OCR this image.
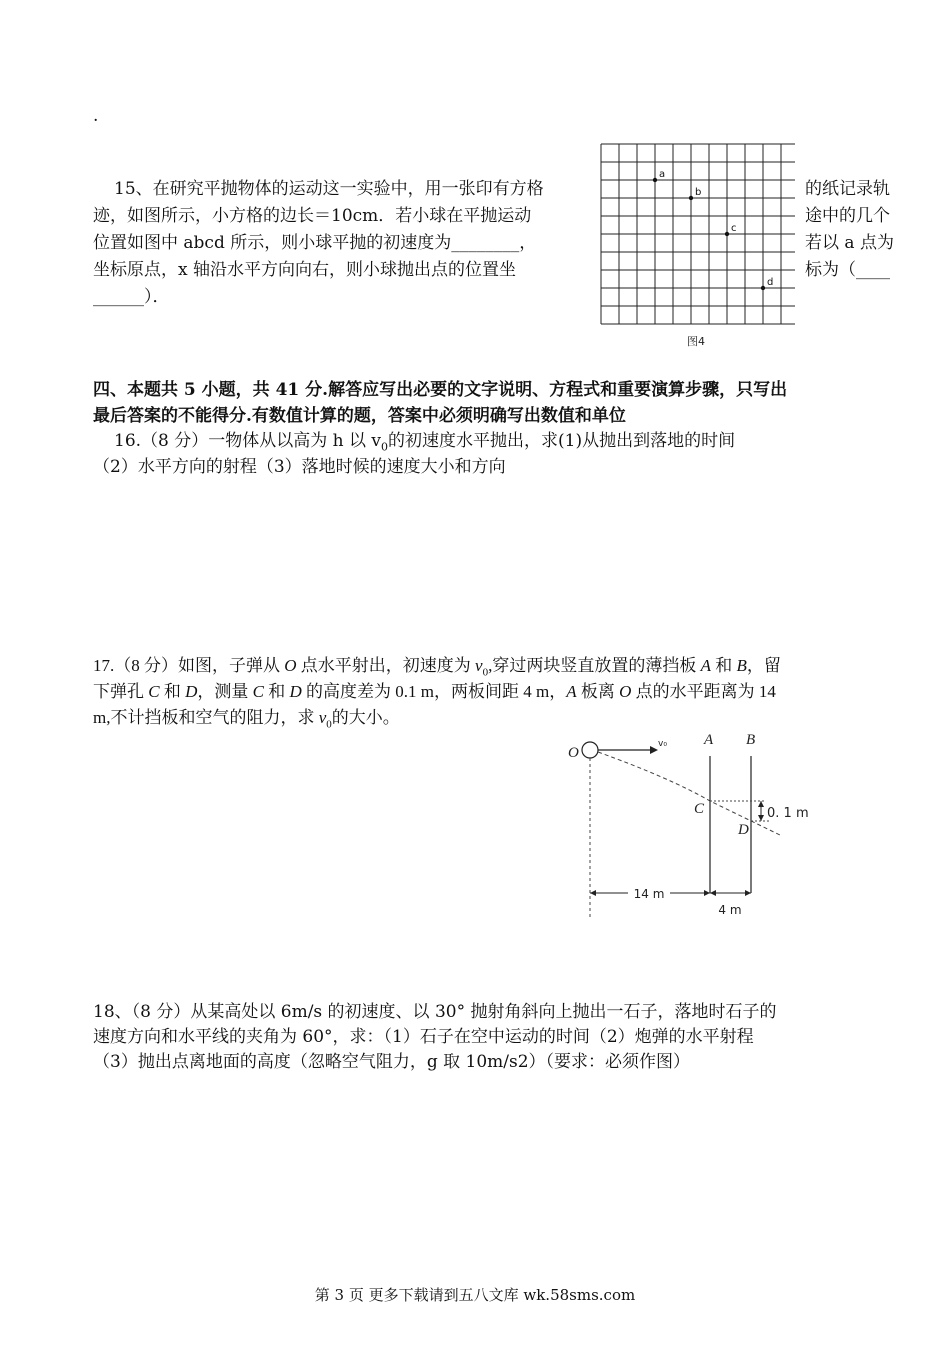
.
15、在研究平抛物体的运动这一实验中，用一张印有方格
迹，如图所示，小方格的边长＝10cm．若小球在平抛运动
位置如图中 abcd 所示，则小球平抛的初速度为________，
坐标原点，x 轴沿水平方向向右，则小球抛出点的位置坐
______）．
的纸记录轨
途中的几个
若以 a 点为
标为（____
a
b
c
d
图4
四、本题共 5 小题，共 41 分.解答应写出必要的文字说明、方程式和重要演算步骤，只写出
最后答案的不能得分.有数值计算的题，答案中必须明确写出数值和单位
16.（8 分）一物体从以高为 h 以 $v_0$的初速度水平抛出，求(1)从抛出到落地的时间
（2）水平方向的射程（3）落地时候的速度大小和方向
17.（8 分）如图，子弹从 O 点水平射出，初速度为 $v_0$,穿过两块竖直放置的薄挡板 A 和 B，留
下弹孔 C 和 D，测量 C 和 D 的高度差为 0.1 m，两板间距 4 m，A 板离 O 点的水平距离为 14
m,不计挡板和空气的阻力，求 $v_0$的大小。
O
v₀ A B
C
D
0. 1 m
14 m
4 m
18、（8 分）从某高处以 6m/s 的初速度、以 30° 抛射角斜向上抛出一石子，落地时石子的
速度方向和水平线的夹角为 60°，求：（1）石子在空中运动的时间（2）炮弹的水平射程
（3）抛出点离地面的高度（忽略空气阻力，g 取 10m/s2）（要求：必须作图）
第 3 页 更多下载请到五八文库 wk.58sms.com
